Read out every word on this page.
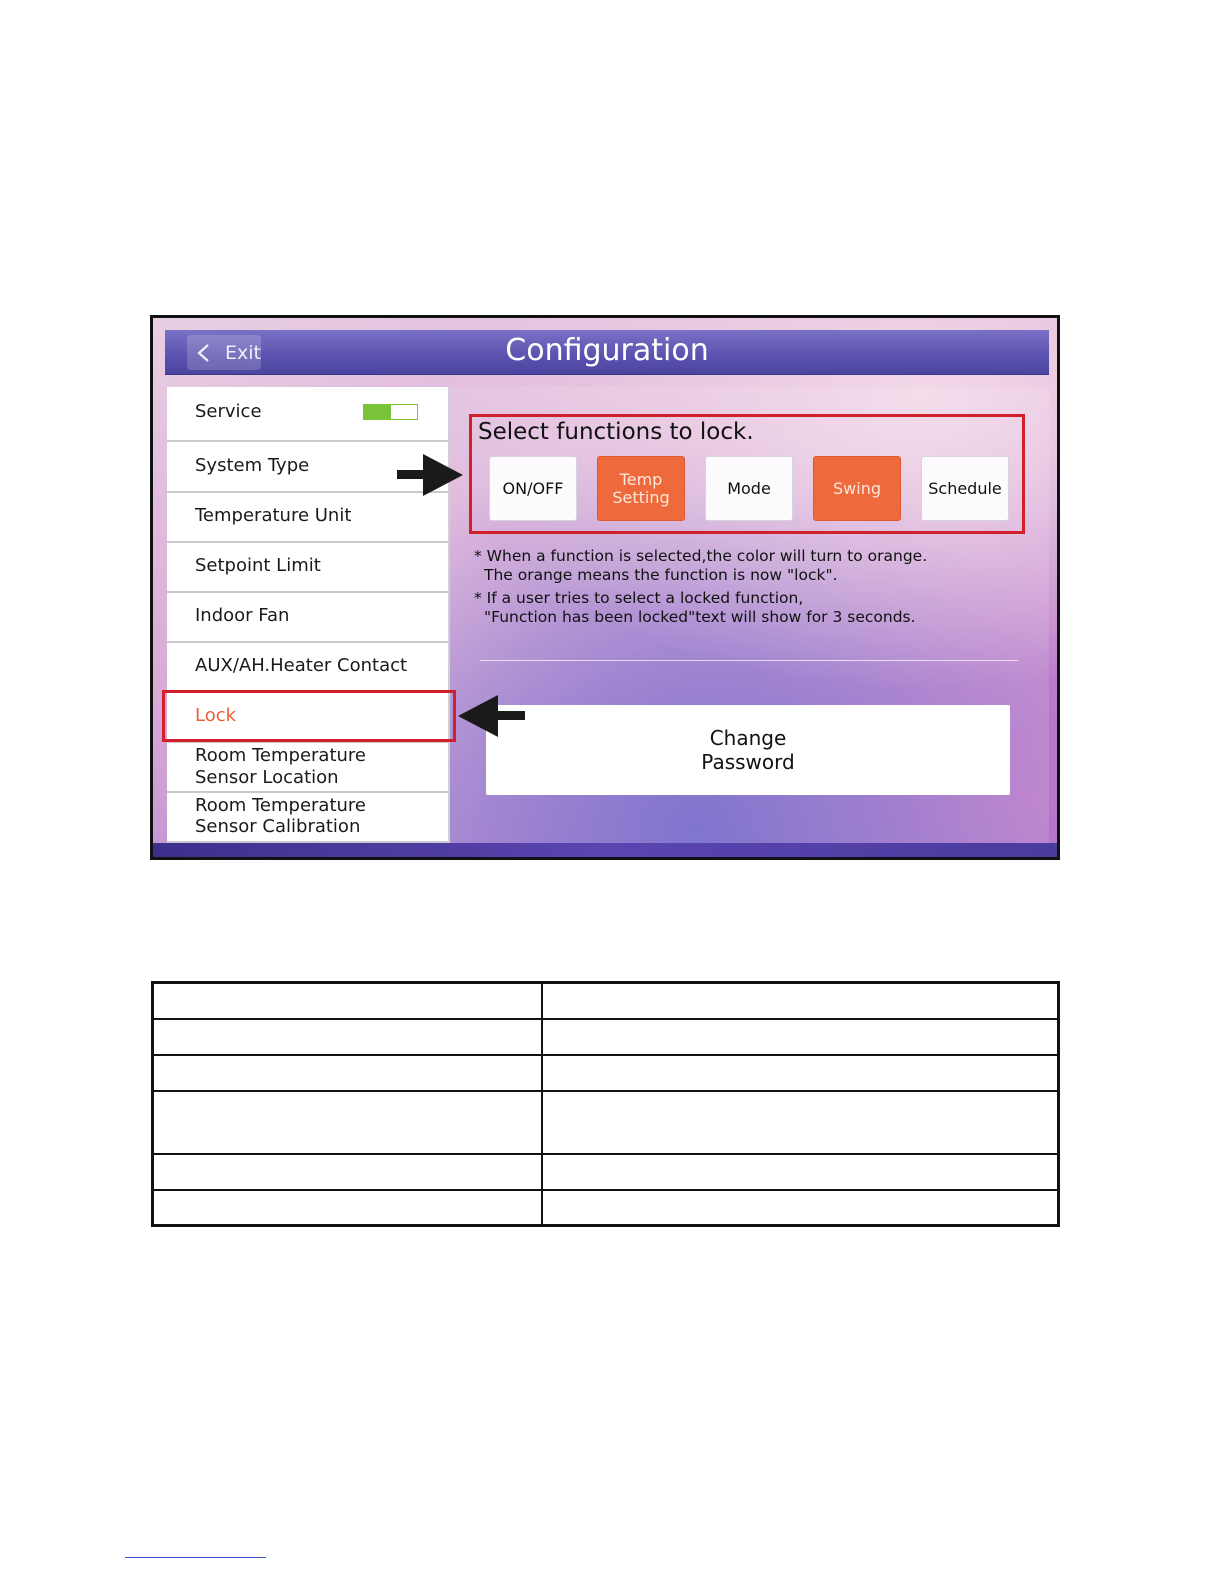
Exit	Configuration
Service
System Type
Temperature Unit
Setpoint Limit
Indoor Fan
AUX/AH.Heater Contact
Lock
Room Temperature
Sensor Location
Room Temperature
Sensor Calibration
Select functions to lock.
ON/OFF	Temp
Setting	Mode	Swing	Schedule
* When a function is selected,the color will turn to orange.
The orange means the function is now "lock".
* If a user tries to select a locked function,
"Function has been locked"text will show for 3 seconds.
Change
Password
